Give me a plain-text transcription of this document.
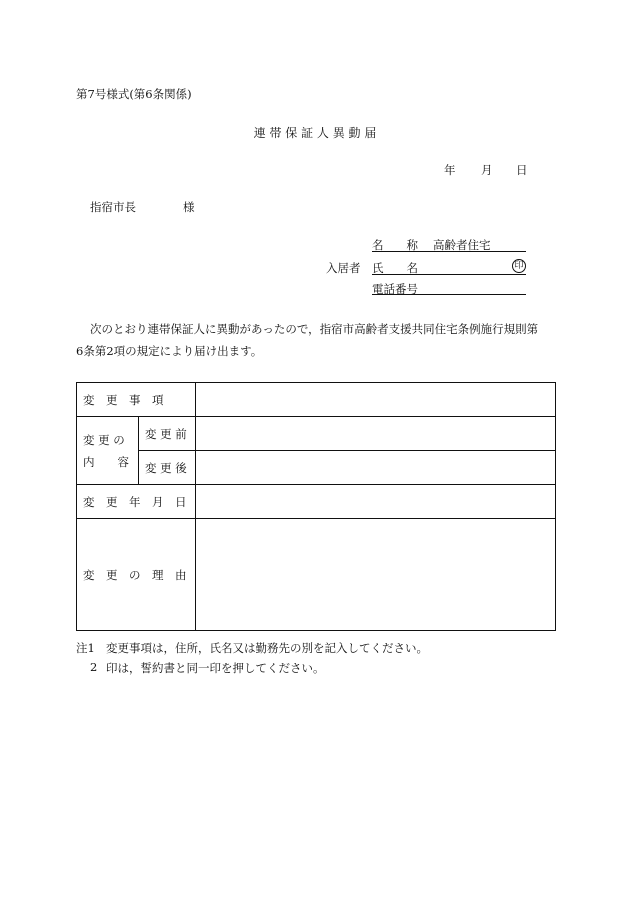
第7号様式(第6条関係)
連 帯 保 証 人 異 動 届
年 月 日
指宿市長	様
名　　称 高齢者住宅
入居者 氏　　名	印
電話番号
次のとおり連帯保証人に異動があったので，指宿市高齢者支援共同住宅条例施行規則第
6条第2項の規定により届け出ます。
変　更　事　項		

変 更 の
内　　容	変 更 前	
	変 更 後	
変　更　年　月　日		
変　更　の　理　由		
注1 変更事項は，住所，氏名又は勤務先の別を記入してください。
2 印は，誓約書と同一印を押してください。
